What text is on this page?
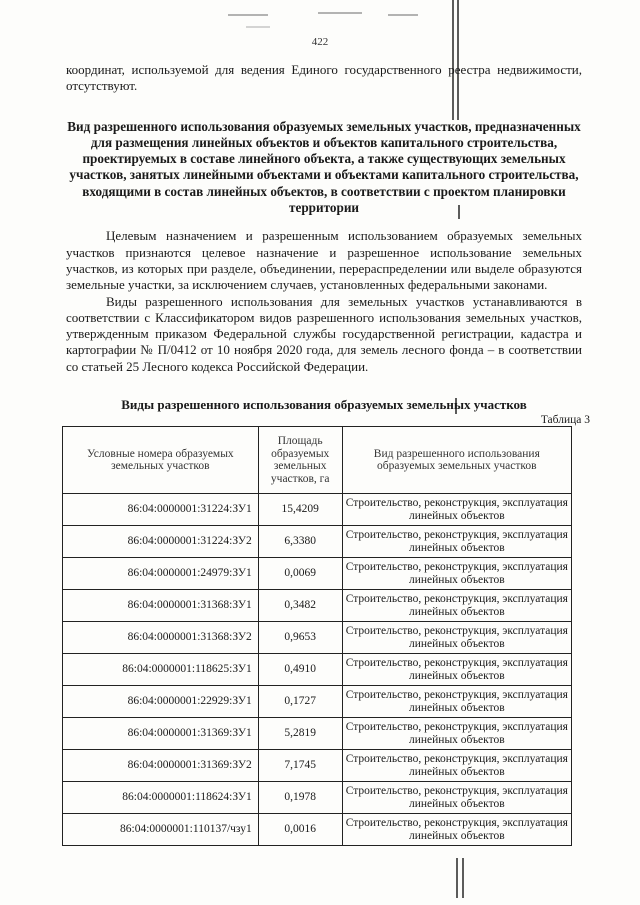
422

координат, используемой для ведения Единого государственного реестра недвижимости, отсутствуют.

Вид разрешенного использования образуемых земельных участков, предназначенных для размещения линейных объектов и объектов капитального строительства, проектируемых в составе линейного объекта, а также существующих земельных участков, занятых линейными объектами и объектами капитального строительства, входящими в состав линейных объектов, в соответствии с проектом планировки территории

Целевым назначением и разрешенным использованием образуемых земельных участков признаются целевое назначение и разрешенное использование земельных участков, из которых при разделе, объединении, перераспределении или выделе образуются земельные участки, за исключением случаев, установленных федеральными законами.

Виды разрешенного использования для земельных участков устанавливаются в соответствии с Классификатором видов разрешенного использования земельных участков, утвержденным приказом Федеральной службы государственной регистрации, кадастра и картографии № П/0412 от 10 ноября 2020 года, для земель лесного фонда – в соответствии со статьей 25 Лесного кодекса Российской Федерации.

Виды разрешенного использования образуемых земельных участков
Таблица 3
Условные номера образуемых земельных участков	Площадь образуемых земельных участков, га	Вид разрешенного использования образуемых земельных участков
86:04:0000001:31224:ЗУ1	15,4209	Строительство, реконструкция, эксплуатация линейных объектов
86:04:0000001:31224:ЗУ2	6,3380	Строительство, реконструкция, эксплуатация линейных объектов
86:04:0000001:24979:ЗУ1	0,0069	Строительство, реконструкция, эксплуатация линейных объектов
86:04:0000001:31368:ЗУ1	0,3482	Строительство, реконструкция, эксплуатация линейных объектов
86:04:0000001:31368:ЗУ2	0,9653	Строительство, реконструкция, эксплуатация линейных объектов
86:04:0000001:118625:ЗУ1	0,4910	Строительство, реконструкция, эксплуатация линейных объектов
86:04:0000001:22929:ЗУ1	0,1727	Строительство, реконструкция, эксплуатация линейных объектов
86:04:0000001:31369:ЗУ1	5,2819	Строительство, реконструкция, эксплуатация линейных объектов
86:04:0000001:31369:ЗУ2	7,1745	Строительство, реконструкция, эксплуатация линейных объектов
86:04:0000001:118624:ЗУ1	0,1978	Строительство, реконструкция, эксплуатация линейных объектов
86:04:0000001:110137/чзу1	0,0016	Строительство, реконструкция, эксплуатация линейных объектов
